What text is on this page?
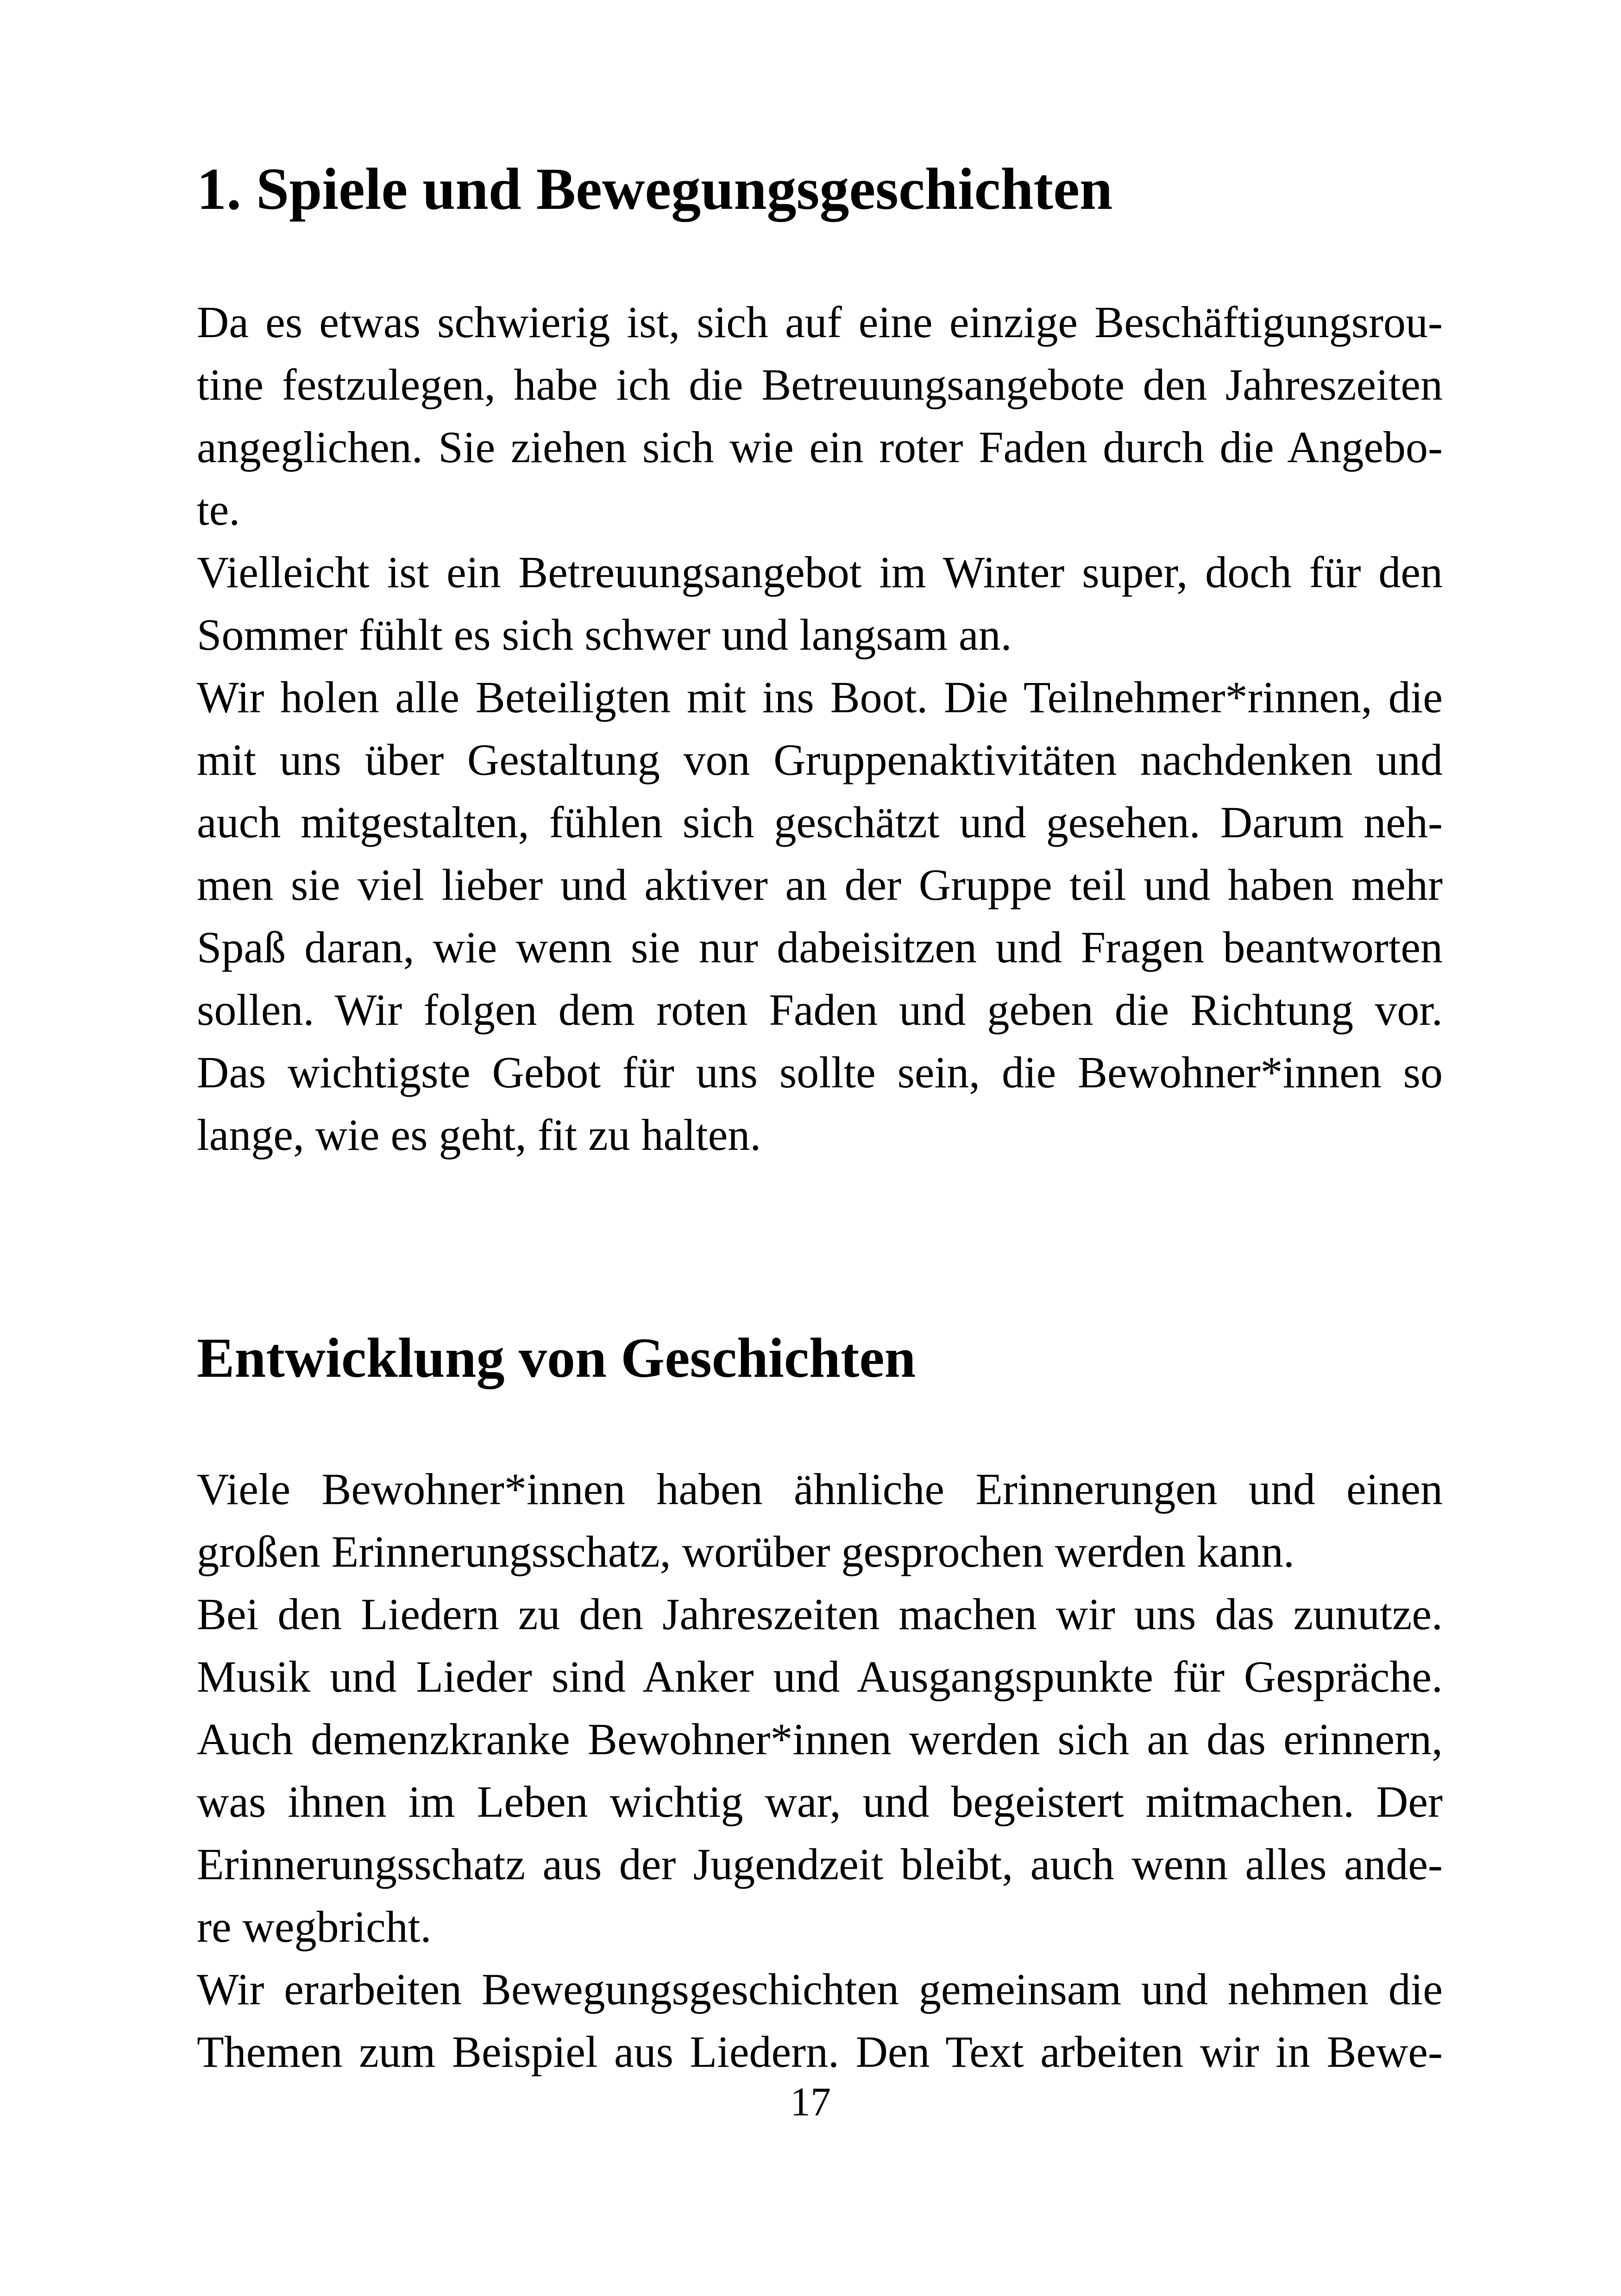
1. Spiele und Bewegungsgeschichten
Da es etwas schwierig ist, sich auf eine einzige Beschäftigungsrou-
tine festzulegen, habe ich die Betreuungsangebote den Jahreszeiten
angeglichen. Sie ziehen sich wie ein roter Faden durch die Angebo-
te.
Vielleicht ist ein Betreuungsangebot im Winter super, doch für den
Sommer fühlt es sich schwer und langsam an.
Wir holen alle Beteiligten mit ins Boot. Die Teilnehmer*rinnen, die
mit uns über Gestaltung von Gruppenaktivitäten nachdenken und
auch mitgestalten, fühlen sich geschätzt und gesehen. Darum neh-
men sie viel lieber und aktiver an der Gruppe teil und haben mehr
Spaß daran, wie wenn sie nur dabeisitzen und Fragen beantworten
sollen. Wir folgen dem roten Faden und geben die Richtung vor.
Das wichtigste Gebot für uns sollte sein, die Bewohner*innen so
lange, wie es geht, fit zu halten.
Entwicklung von Geschichten
Viele Bewohner*innen haben ähnliche Erinnerungen und einen
großen Erinnerungsschatz, worüber gesprochen werden kann.
Bei den Liedern zu den Jahreszeiten machen wir uns das zunutze.
Musik und Lieder sind Anker und Ausgangspunkte für Gespräche.
Auch demenzkranke Bewohner*innen werden sich an das erinnern,
was ihnen im Leben wichtig war, und begeistert mitmachen. Der
Erinnerungsschatz aus der Jugendzeit bleibt, auch wenn alles ande-
re wegbricht.
Wir erarbeiten Bewegungsgeschichten gemeinsam und nehmen die
Themen zum Beispiel aus Liedern. Den Text arbeiten wir in Bewe-
17
